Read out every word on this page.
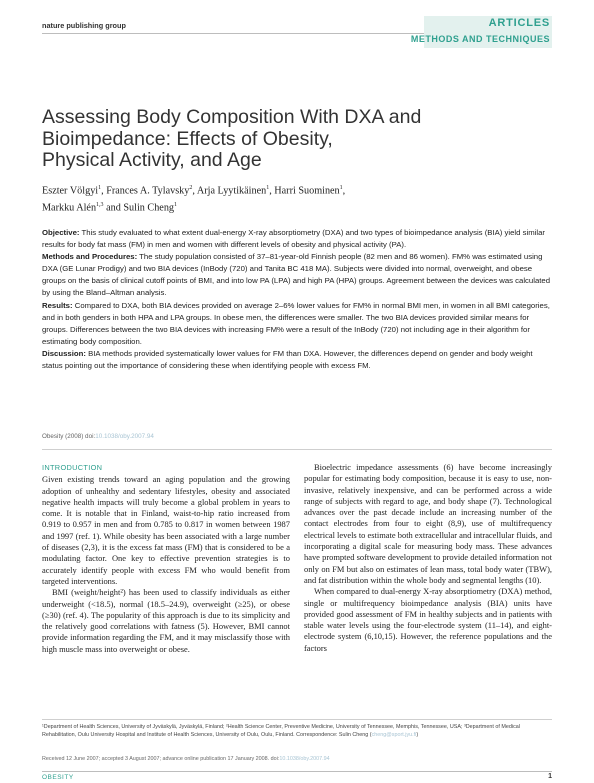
nature publishing group	ARTICLES
METHODS AND TECHNIQUES
Assessing Body Composition With DXA and
Bioimpedance: Effects of Obesity,
Physical Activity, and Age
Eszter Völgyi$^1$, Frances A. Tylavsky$^2$, Arja Lyytikäinen$^1$, Harri Suominen$^1$,
Markku Alén$^{1,3}$ and Sulin Cheng$^1$

Objective: This study evaluated to what extent dual-energy X-ray absorptiometry (DXA) and two types of bioimpedance analysis (BIA) yield similar results for body fat mass (FM) in men and women with different levels of obesity and physical activity (PA).

Methods and Procedures: The study population consisted of 37–81-year-old Finnish people (82 men and 86 women). FM% was estimated using DXA (GE Lunar Prodigy) and two BIA devices (InBody (720) and Tanita BC 418 MA). Subjects were divided into normal, overweight, and obese groups on the basis of clinical cutoff points of BMI, and into low PA (LPA) and high PA (HPA) groups. Agreement between the devices was calculated by using the Bland–Altman analysis.

Results: Compared to DXA, both BIA devices provided on average 2–6% lower values for FM% in normal BMI men, in women in all BMI categories, and in both genders in both HPA and LPA groups. In obese men, the differences were smaller. The two BIA devices provided similar means for groups. Differences between the two BIA devices with increasing FM% were a result of the InBody (720) not including age in their algorithm for estimating body composition.

Discussion: BIA methods provided systematically lower values for FM than DXA. However, the differences depend on gender and body weight status pointing out the importance of considering these when identifying people with excess FM.

Obesity (2008) doi:10.1038/oby.2007.94
INTRODUCTION

Given existing trends toward an aging population and the growing adoption of unhealthy and sedentary lifestyles, obesity and associated negative health impacts will truly become a global problem in years to come. It is notable that in Finland, waist-to-hip ratio increased from 0.919 to 0.957 in men and from 0.785 to 0.817 in women between 1987 and 1997 (ref. 1). While obesity has been associated with a large number of diseases (2,3), it is the excess fat mass (FM) that is considered to be a modulating factor. One key to effective prevention strategies is to accurately identify people with excess FM who would benefit from targeted interventions.

BMI (weight/height²) has been used to classify individuals as either underweight (<18.5), normal (18.5–24.9), overweight (≥25), or obese (≥30) (ref. 4). The popularity of this approach is due to its simplicity and the relatively good correlations with fatness (5). However, BMI cannot provide information regarding the FM, and it may misclassify those with high muscle mass into overweight or obese.

Bioelectric impedance assessments (6) have become increasingly popular for estimating body composition, because it is easy to use, non-invasive, relatively inexpensive, and can be performed across a wide range of subjects with regard to age, and body shape (7). Technological advances over the past decade include an increasing number of the contact electrodes from four to eight (8,9), use of multifrequency electrical levels to estimate both extracellular and intracellular fluids, and incorporating a digital scale for measuring body mass. These advances have prompted software development to provide detailed information not only on FM but also on estimates of lean mass, total body water (TBW), and fat distribution within the whole body and segmental lengths (10).

When compared to dual-energy X-ray absorptiometry (DXA) method, single or multifrequency bioimpedance analysis (BIA) units have provided good assessment of FM in healthy subjects and in patients with stable water levels using the four-electrode system (11–14), and eight-electrode system (6,10,15). However, the reference populations and the factors

¹Department of Health Sciences, University of Jyväskylä, Jyväskylä, Finland; ²Health Science Center, Preventive Medicine, University of Tennessee, Memphis, Tennessee, USA; ³Department of Medical Rehabilitation, Oulu University Hospital and Institute of Health Sciences, University of Oulu, Oulu, Finland. Correspondence: Sulin Cheng (cheng@sport.jyu.fi)
Received 12 June 2007; accepted 3 August 2007; advance online publication 17 January 2008. doi:10.1038/oby.2007.94
OBESITY	1
